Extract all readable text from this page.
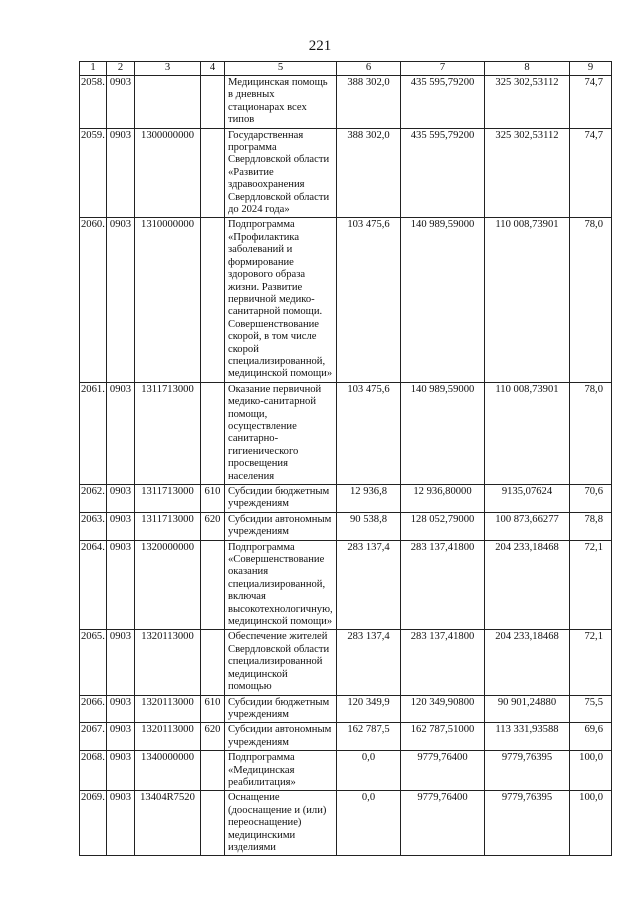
221
1	2	3	4	5	6	7	8	9
2058.	0903			Медицинская помощь в дневных стационарах всех типов	388 302,0	435 595,79200	325 302,53112	74,7
2059.	0903	1300000000		Государственная программа Свердловской области «Развитие здравоохранения Свердловской области до 2024 года»	388 302,0	435 595,79200	325 302,53112	74,7
2060.	0903	1310000000		Подпрограмма «Профилактика заболеваний и формирование здорового образа жизни. Развитие первичной медико-санитарной помощи. Совершенствование скорой, в том числе скорой специализированной, медицинской помощи»	103 475,6	140 989,59000	110 008,73901	78,0
2061.	0903	1311713000		Оказание первичной медико-санитарной помощи, осуществление санитарно-гигиенического просвещения населения	103 475,6	140 989,59000	110 008,73901	78,0
2062.	0903	1311713000	610	Субсидии бюджетным учреждениям	12 936,8	12 936,80000	9135,07624	70,6
2063.	0903	1311713000	620	Субсидии автономным учреждениям	90 538,8	128 052,79000	100 873,66277	78,8
2064.	0903	1320000000		Подпрограмма «Совершенствование оказания специализированной, включая высокотехнологичную, медицинской помощи»	283 137,4	283 137,41800	204 233,18468	72,1
2065.	0903	1320113000		Обеспечение жителей Свердловской области специализированной медицинской помощью	283 137,4	283 137,41800	204 233,18468	72,1
2066.	0903	1320113000	610	Субсидии бюджетным учреждениям	120 349,9	120 349,90800	90 901,24880	75,5
2067.	0903	1320113000	620	Субсидии автономным учреждениям	162 787,5	162 787,51000	113 331,93588	69,6
2068.	0903	1340000000		Подпрограмма «Медицинская реабилитация»	0,0	9779,76400	9779,76395	100,0
2069.	0903	13404R7520		Оснащение (дооснащение и (или) переоснащение) медицинскими изделиями	0,0	9779,76400	9779,76395	100,0
